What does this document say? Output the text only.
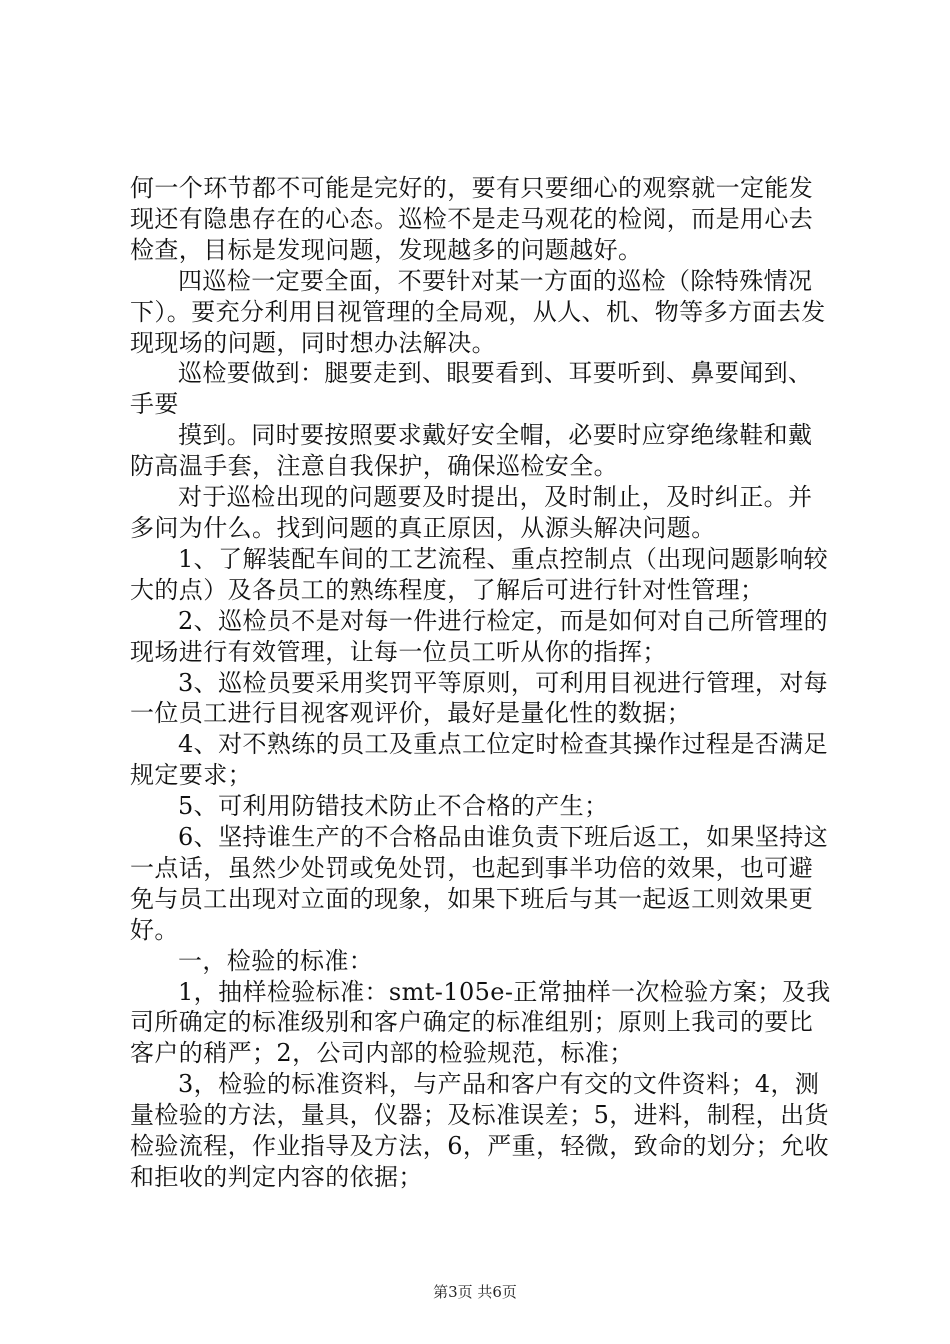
何一个环节都不可能是完好的，要有只要细心的观察就一定能发现还有隐患存在的心态。巡检不是走马观花的检阅，而是用心去检查，目标是发现问题，发现越多的问题越好。

四巡检一定要全面，不要针对某一方面的巡检（除特殊情况下）。要充分利用目视管理的全局观，从人、机、物等多方面去发现现场的问题，同时想办法解决。

巡检要做到：腿要走到、眼要看到、耳要听到、鼻要闻到、手要

摸到。同时要按照要求戴好安全帽，必要时应穿绝缘鞋和戴防高温手套，注意自我保护，确保巡检安全。

对于巡检出现的问题要及时提出，及时制止，及时纠正。并多问为什么。找到问题的真正原因，从源头解决问题。

1、了解装配车间的工艺流程、重点控制点（出现问题影响较大的点）及各员工的熟练程度，了解后可进行针对性管理；

2、巡检员不是对每一件进行检定，而是如何对自己所管理的现场进行有效管理，让每一位员工听从你的指挥；

3、巡检员要采用奖罚平等原则，可利用目视进行管理，对每一位员工进行目视客观评价，最好是量化性的数据；

4、对不熟练的员工及重点工位定时检查其操作过程是否满足规定要求；

5、可利用防错技术防止不合格的产生；

6、坚持谁生产的不合格品由谁负责下班后返工，如果坚持这一点话，虽然少处罚或免处罚，也起到事半功倍的效果，也可避免与员工出现对立面的现象，如果下班后与其一起返工则效果更好。

一，检验的标准：

1，抽样检验标准：smt-105e-正常抽样一次检验方案；及我司所确定的标准级别和客户确定的标准组别；原则上我司的要比客户的稍严；2，公司内部的检验规范，标准；

3，检验的标准资料，与产品和客户有交的文件资料；4，测量检验的方法，量具，仪器；及标准误差；5，进料，制程，出货检验流程，作业指导及方法，6，严重，轻微，致命的划分；允收和拒收的判定内容的依据；

第3页 共6页
